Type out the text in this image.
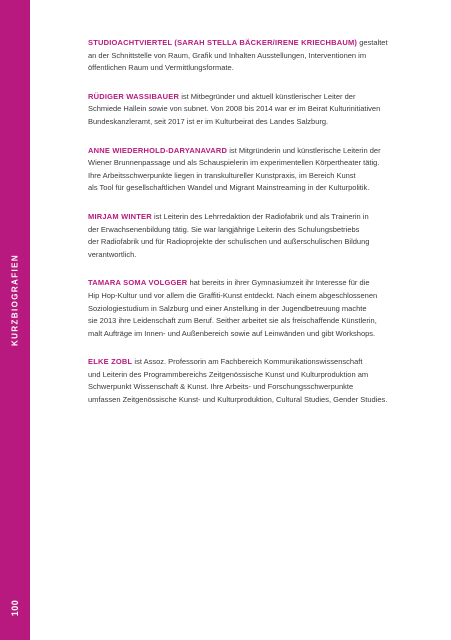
KURZBIOGRAFIEN
100

STUDIOACHTVIERTEL (SARAH STELLA BÄCKER/IRENE KRIECHBAUM) gestaltet
an der Schnittstelle von Raum, Grafik und Inhalten Ausstellungen, Interventionen im
öffentlichen Raum und Vermittlungsformate.

RÜDIGER WASSIBAUER ist Mitbegründer und aktuell künstlerischer Leiter der
Schmiede Hallein sowie von subnet. Von 2008 bis 2014 war er im Beirat Kulturinitiativen
Bundeskanzleramt, seit 2017 ist er im Kulturbeirat des Landes Salzburg.

ANNE WIEDERHOLD-DARYANAVARD ist Mitgründerin und künstlerische Leiterin der
Wiener Brunnenpassage und als Schauspielerin im experimentellen Körpertheater tätig.
Ihre Arbeitsschwerpunkte liegen in transkultureller Kunstpraxis, im Bereich Kunst
als Tool für gesellschaftlichen Wandel und Migrant Mainstreaming in der Kulturpolitik.

MIRJAM WINTER ist Leiterin des Lehrredaktion der Radiofabrik und als Trainerin in
der Erwachsenenbildung tätig. Sie war langjährige Leiterin des Schulungsbetriebs
der Radiofabrik und für Radioprojekte der schulischen und außerschulischen Bildung
verantwortlich.

TAMARA SOMA VOLGGER hat bereits in ihrer Gymnasiumzeit ihr Interesse für die
Hip Hop-Kultur und vor allem die Graffiti-Kunst entdeckt. Nach einem abgeschlossenen
Soziologiestudium in Salzburg und einer Anstellung in der Jugendbetreuung machte
sie 2013 ihre Leidenschaft zum Beruf. Seither arbeitet sie als freischaffende Künstlerin,
malt Aufträge im Innen- und Außenbereich sowie auf Leinwänden und gibt Workshops.

ELKE ZOBL ist Assoz. Professorin am Fachbereich Kommunikationswissenschaft
und Leiterin des Programmbereichs Zeitgenössische Kunst und Kulturproduktion am
Schwerpunkt Wissenschaft & Kunst. Ihre Arbeits- und Forschungsschwerpunkte
umfassen Zeitgenössische Kunst- und Kulturproduktion, Cultural Studies, Gender Studies.
